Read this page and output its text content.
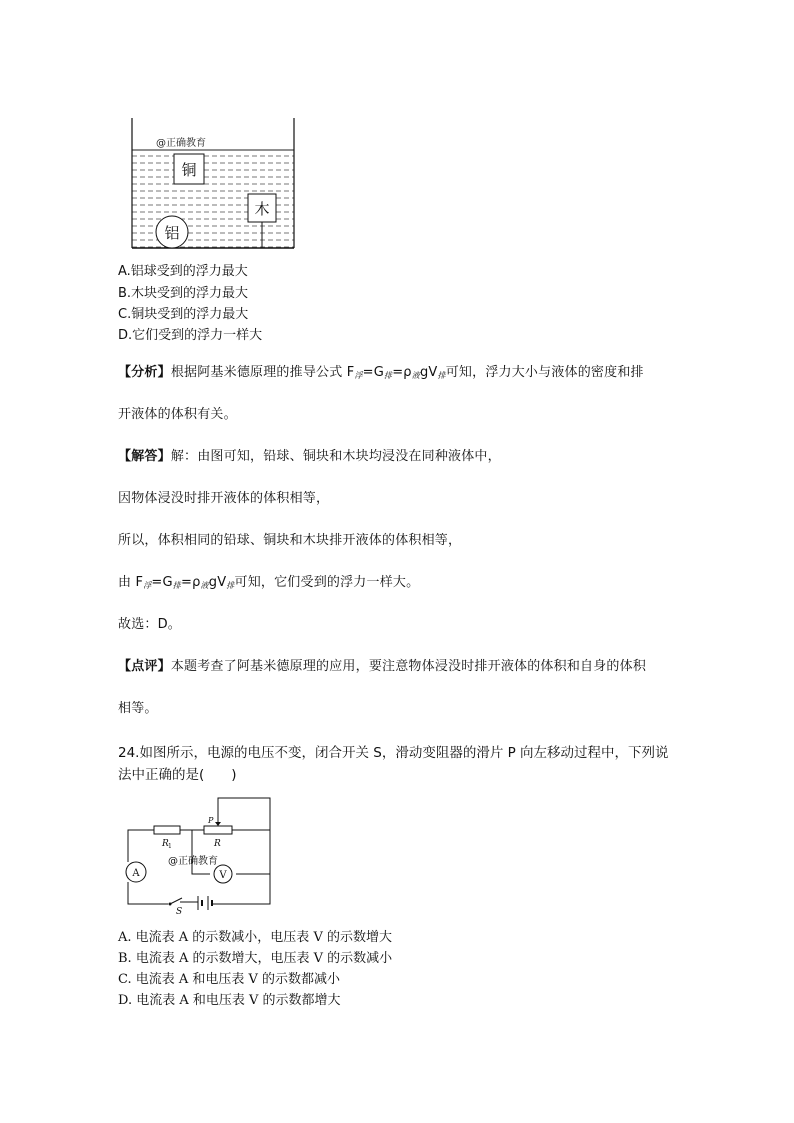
@正确教育
铜
木
铝
A.铝球受到的浮力最大
B.木块受到的浮力最大
C.铜块受到的浮力最大
D.它们受到的浮力一样大
【分析】根据阿基米德原理的推导公式 $F_浮=G_排=\rho_液gV_排$可知，浮力大小与液体的密度和排
开液体的体积有关。
【解答】解：由图可知，铅球、铜块和木块均浸没在同种液体中，
因物体浸没时排开液体的体积相等，
所以，体积相同的铅球、铜块和木块排开液体的体积相等，
由 $F_浮=G_排=\rho_液gV_排$可知，它们受到的浮力一样大。
故选：D。
【点评】本题考查了阿基米德原理的应用，要注意物体浸没时排开液体的体积和自身的体积
相等。
24.如图所示，电源的电压不变，闭合开关 S，滑动变阻器的滑片 P 向左移动过程中，下列说法中正确的是(　　)
P
R 1	R
@正确教育
A	V
S
A. 电流表 A 的示数减小，电压表 V 的示数增大
B. 电流表 A 的示数增大，电压表 V 的示数减小
C. 电流表 A 和电压表 V 的示数都减小
D. 电流表 A 和电压表 V 的示数都增大
